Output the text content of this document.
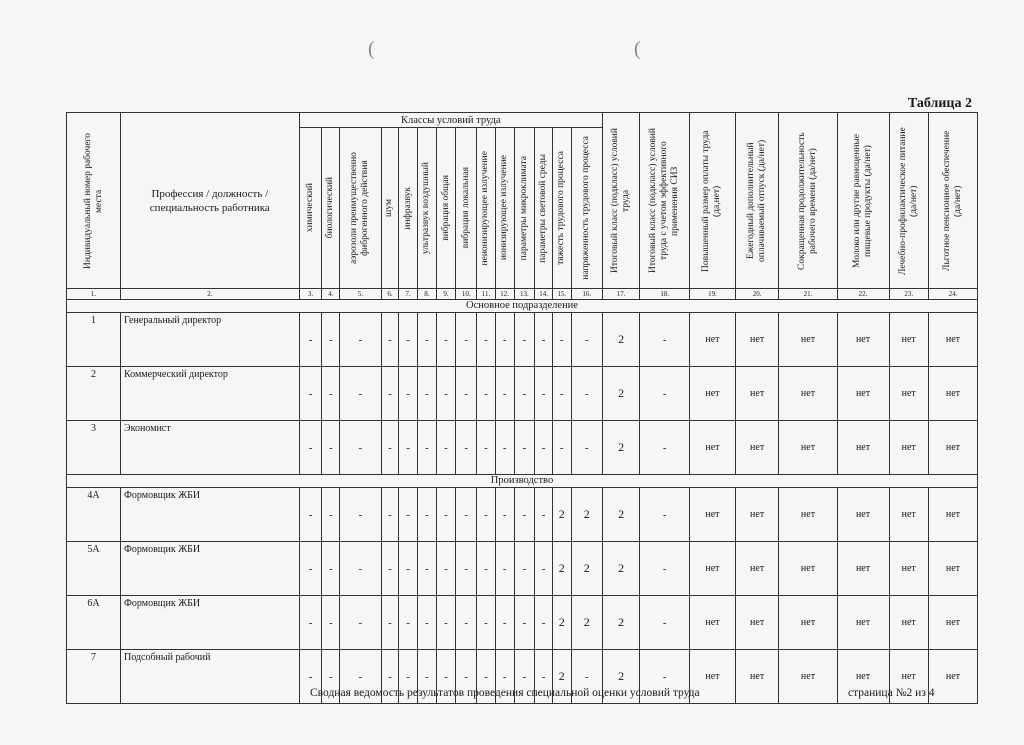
(	(
Таблица 2
Индивидуальный номер рабочего места	Профессия / должность / специальность работника	Классы условий труда														Итоговый класс (подкласс) условий труда	Итоговый класс (подкласс) условий труда с учетом эффективного применения СИЗ	Повышенный размер оплаты труда (да,нет)	Ежегодный дополнительный оплачиваемый отпуск (да/нет)	Сокращенная продолжительность рабочего времени (да/нет)	Молоко или другие равноценные пищевые продукты (да/нет)	Лечебно-профилактическое питание (да/нет)	Льготное пенсионное обеспечение (да/нет)

		химический	биологический	аэрозоли преимущественно фиброгенного действия	шум	инфразвук	ультразвук воздушный	вибрация общая	вибрация локальная	неионизирующее излучение	ионизирующее излучение	параметры микроклимата	параметры световой среды	тяжесть трудового процесса	напряженность трудового процесса								

1.	2.	3.	4.	5.	6.	7.	8.	9.	10.	11.	12.	13.	14.	15.	16.	17.	18.	19.	20.	21.	22.	23.	24.
Основное подразделение																							
1	Генеральный директор	-	-	-	-	-	-	-	-	-	-	-	-	-	-	2	-	нет	нет	нет	нет	нет	нет
2	Коммерческий директор	-	-	-	-	-	-	-	-	-	-	-	-	-	-	2	-	нет	нет	нет	нет	нет	нет
3	Экономист	-	-	-	-	-	-	-	-	-	-	-	-	-	-	2	-	нет	нет	нет	нет	нет	нет
Производство																							
4А	Формовщик ЖБИ	-	-	-	-	-	-	-	-	-	-	-	-	2	2	2	-	нет	нет	нет	нет	нет	нет
5А	Формовщик ЖБИ	-	-	-	-	-	-	-	-	-	-	-	-	2	2	2	-	нет	нет	нет	нет	нет	нет
6А	Формовщик ЖБИ	-	-	-	-	-	-	-	-	-	-	-	-	2	2	2	-	нет	нет	нет	нет	нет	нет
7	Подсобный рабочий	-	-	-	-	-	-	-	-	-	-	-	-	2	-	2	-	нет	нет	нет	нет	нет	нет
Сводная ведомость результатов проведения специальной оценки условий труда	страница №2 из 4
